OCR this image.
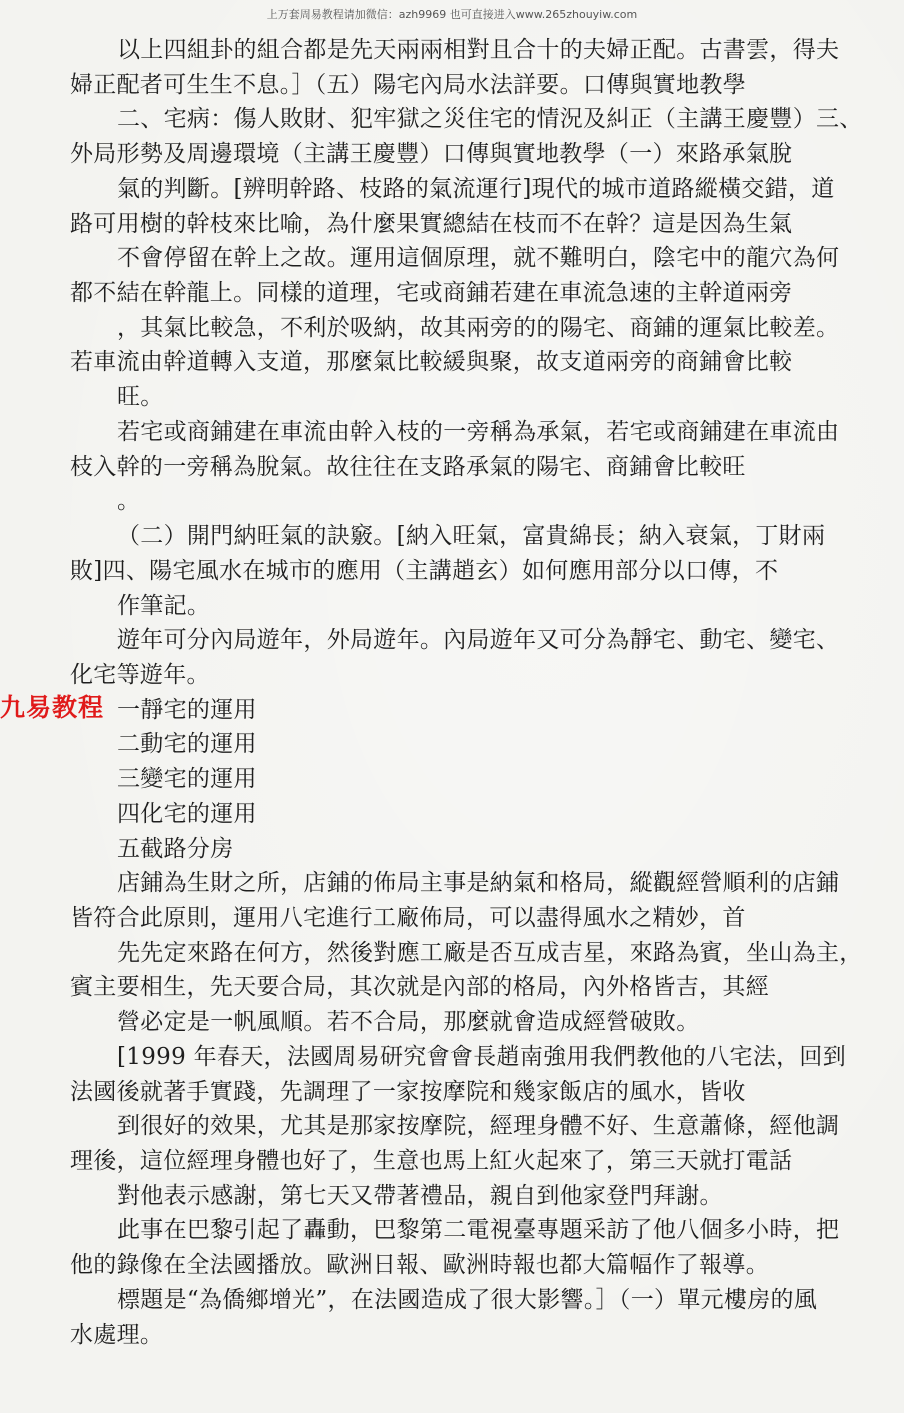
上万套周易教程请加微信：azh9969 也可直接进入www.265zhouyiw.com
以上四組卦的組合都是先天兩兩相對且合十的夫婦正配。古書雲，得夫
婦正配者可生生不息。］（五）陽宅內局水法詳要。口傳與實地教學
二、宅病：傷人敗財、犯牢獄之災住宅的情況及糾正（主講王慶豐）三、
外局形勢及周邊環境（主講王慶豐）口傳與實地教學（一）來路承氣脫
氣的判斷。[辨明幹路、枝路的氣流運行]現代的城市道路縱橫交錯，道
路可用樹的幹枝來比喻，為什麼果實總結在枝而不在幹？這是因為生氣
不會停留在幹上之故。運用這個原理，就不難明白，陰宅中的龍穴為何
都不結在幹龍上。同樣的道理，宅或商鋪若建在車流急速的主幹道兩旁
，其氣比較急，不利於吸納，故其兩旁的的陽宅、商鋪的運氣比較差。
若車流由幹道轉入支道，那麼氣比較緩與聚，故支道兩旁的商鋪會比較
旺。
若宅或商鋪建在車流由幹入枝的一旁稱為承氣，若宅或商鋪建在車流由
枝入幹的一旁稱為脫氣。故往往在支路承氣的陽宅、商鋪會比較旺
。
（二）開門納旺氣的訣竅。[納入旺氣，富貴綿長；納入衰氣，丁財兩
敗]四、陽宅風水在城市的應用（主講趙玄）如何應用部分以口傳，不
作筆記。
遊年可分內局遊年，外局遊年。內局遊年又可分為靜宅、動宅、變宅、
化宅等遊年。
一靜宅的運用
二動宅的運用
三變宅的運用
四化宅的運用
五截路分房
店鋪為生財之所，店鋪的佈局主事是納氣和格局，縱觀經營順利的店鋪
皆符合此原則，運用八宅進行工廠佈局，可以盡得風水之精妙，首
先先定來路在何方，然後對應工廠是否互成吉星，來路為賓，坐山為主，
賓主要相生，先天要合局，其次就是內部的格局，內外格皆吉，其經
營必定是一帆風順。若不合局，那麼就會造成經營破敗。
[1999 年春天，法國周易研究會會長趙南強用我們教他的八宅法，回到
法國後就著手實踐，先調理了一家按摩院和幾家飯店的風水，皆收
到很好的效果，尤其是那家按摩院，經理身體不好、生意蕭條，經他調
理後，這位經理身體也好了，生意也馬上紅火起來了，第三天就打電話
對他表示感謝，第七天又帶著禮品，親自到他家登門拜謝。
此事在巴黎引起了轟動，巴黎第二電視臺專題采訪了他八個多小時，把
他的錄像在全法國播放。歐洲日報、歐洲時報也都大篇幅作了報導。
標題是“為僑鄉增光”，在法國造成了很大影響。］（一）單元樓房的風
水處理。
九易教程
